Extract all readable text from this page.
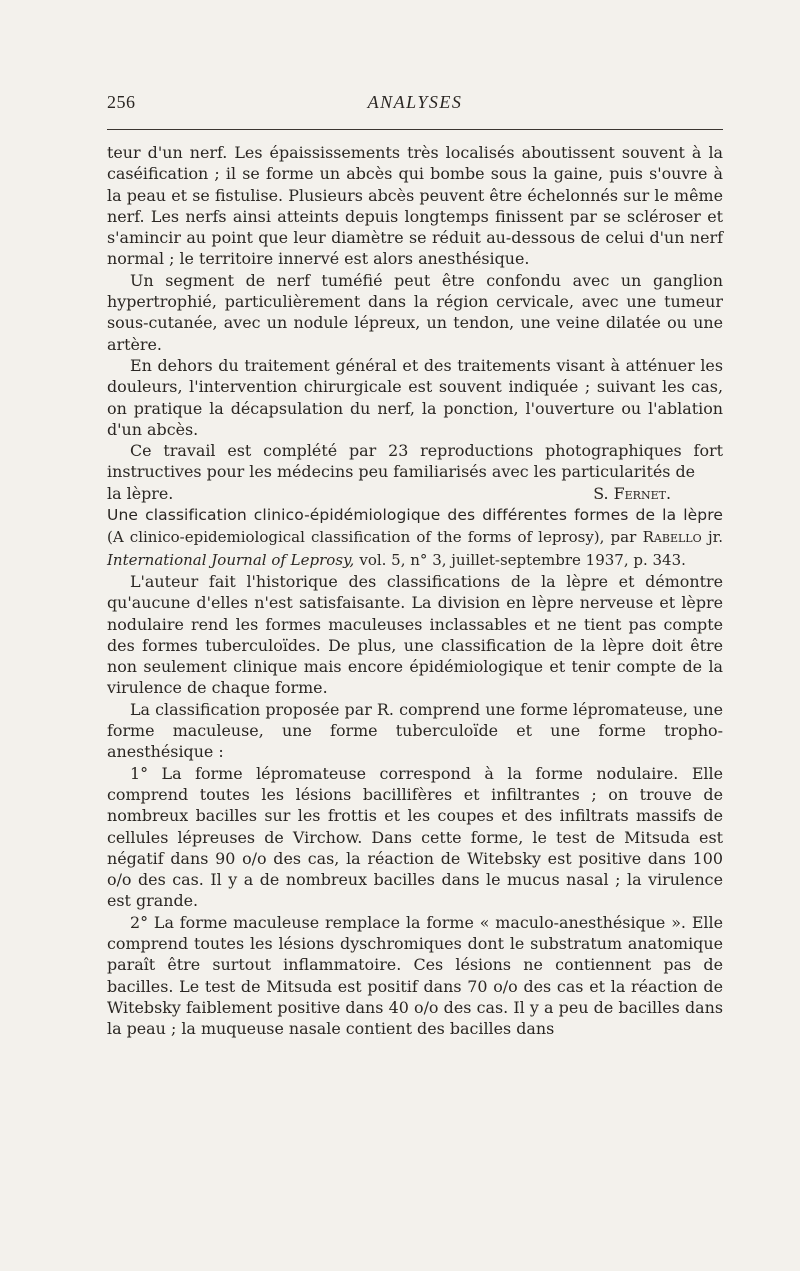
256	ANALYSES

teur d'un nerf. Les épaississements très localisés aboutissent souvent à la caséification ; il se forme un abcès qui bombe sous la gaine, puis s'ouvre à la peau et se fistulise. Plusieurs abcès peuvent être échelonnés sur le même nerf. Les nerfs ainsi atteints depuis longtemps finissent par se scléroser et s'amincir au point que leur diamètre se réduit au-dessous de celui d'un nerf normal ; le territoire innervé est alors anesthésique.

Un segment de nerf tuméfié peut être confondu avec un ganglion hypertrophié, particulièrement dans la région cervicale, avec une tumeur sous-cutanée, avec un nodule lépreux, un tendon, une veine dilatée ou une artère.

En dehors du traitement général et des traitements visant à atténuer les douleurs, l'intervention chirurgicale est souvent indiquée ; suivant les cas, on pratique la décapsulation du nerf, la ponction, l'ouverture ou l'ablation d'un abcès.

Ce travail est complété par 23 reproductions photographiques fort instructives pour les médecins peu familiarisés avec les particularités de

la lèpre.	S. Fernet.

Une classification clinico-épidémiologique des différentes formes de la lèpre (A clinico-epidemiological classification of the forms of leprosy), par Rabello jr. International Journal of Leprosy, vol. 5, n° 3, juillet-septembre 1937, p. 343.

L'auteur fait l'historique des classifications de la lèpre et démontre qu'aucune d'elles n'est satisfaisante. La division en lèpre nerveuse et lèpre nodulaire rend les formes maculeuses inclassables et ne tient pas compte des formes tuberculoïdes. De plus, une classification de la lèpre doit être non seulement clinique mais encore épidémiologique et tenir compte de la virulence de chaque forme.

La classification proposée par R. comprend une forme lépromateuse, une forme maculeuse, une forme tuberculoïde et une forme tropho-anesthésique :

1° La forme lépromateuse correspond à la forme nodulaire. Elle comprend toutes les lésions bacillifères et infiltrantes ; on trouve de nombreux bacilles sur les frottis et les coupes et des infiltrats massifs de cellules lépreuses de Virchow. Dans cette forme, le test de Mitsuda est négatif dans 90 o/o des cas, la réaction de Witebsky est positive dans 100 o/o des cas. Il y a de nombreux bacilles dans le mucus nasal ; la virulence est grande.

2° La forme maculeuse remplace la forme « maculo-anesthésique ». Elle comprend toutes les lésions dyschromiques dont le substratum anatomique paraît être surtout inflammatoire. Ces lésions ne contiennent pas de bacilles. Le test de Mitsuda est positif dans 70 o/o des cas et la réaction de Witebsky faiblement positive dans 40 o/o des cas. Il y a peu de bacilles dans la peau ; la muqueuse nasale contient des bacilles dans
